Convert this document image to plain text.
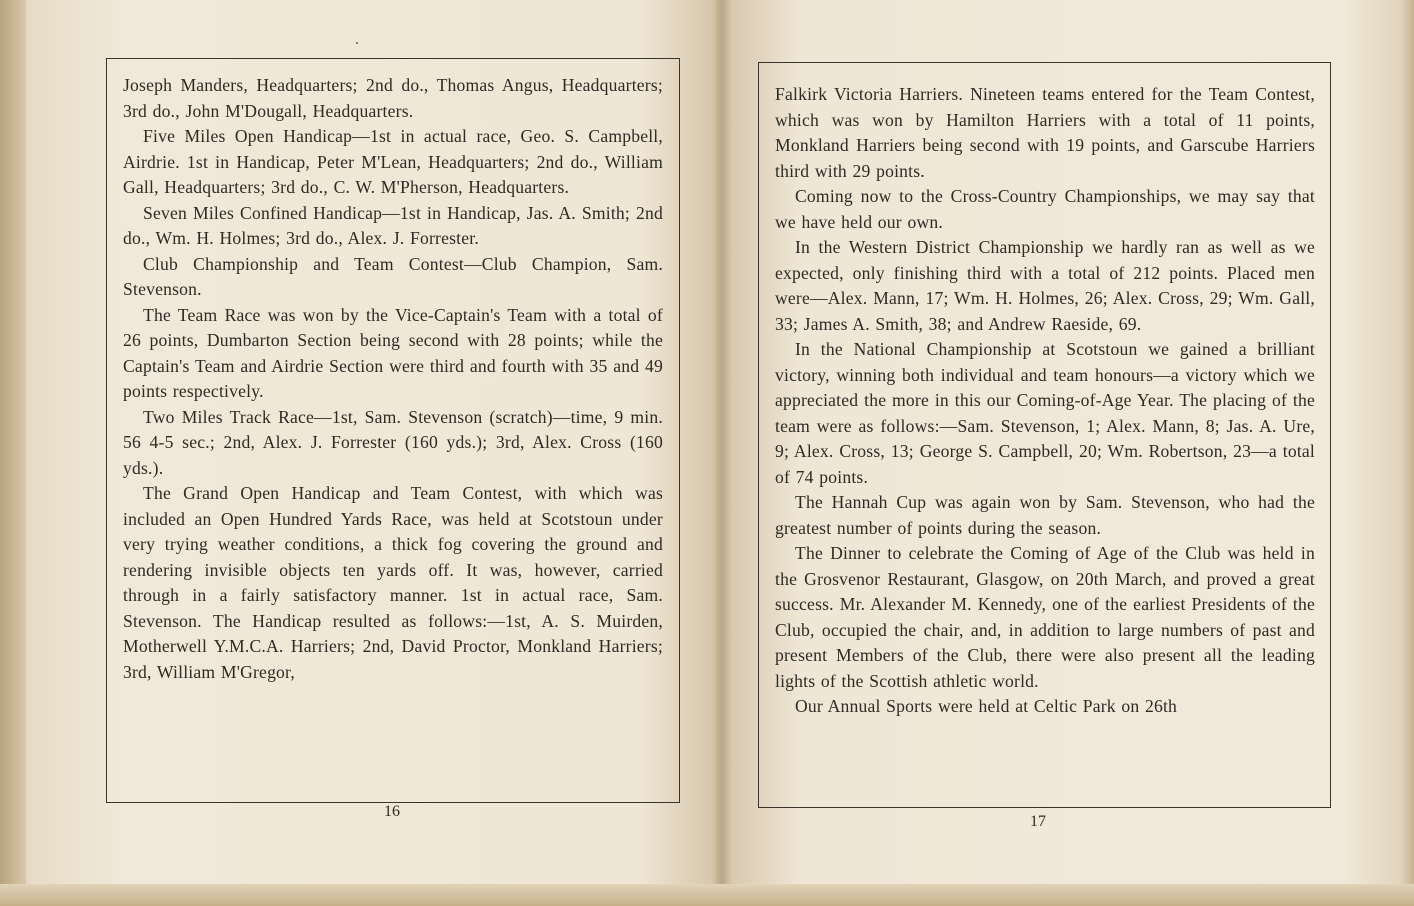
Joseph Manders, Headquarters; 2nd do., Thomas Angus, Headquarters; 3rd do., John M'Dougall, Headquarters.

Five Miles Open Handicap—1st in actual race, Geo. S. Campbell, Airdrie. 1st in Handicap, Peter M'Lean, Headquarters; 2nd do., William Gall, Headquarters; 3rd do., C. W. M'Pherson, Headquarters.

Seven Miles Confined Handicap—1st in Handicap, Jas. A. Smith; 2nd do., Wm. H. Holmes; 3rd do., Alex. J. Forrester.

Club Championship and Team Contest—Club Champion, Sam. Stevenson.

The Team Race was won by the Vice-Captain's Team with a total of 26 points, Dumbarton Section being second with 28 points; while the Captain's Team and Airdrie Section were third and fourth with 35 and 49 points respectively.

Two Miles Track Race—1st, Sam. Stevenson (scratch)—time, 9 min. 56 4-5 sec.; 2nd, Alex. J. Forrester (160 yds.); 3rd, Alex. Cross (160 yds.).

The Grand Open Handicap and Team Contest, with which was included an Open Hundred Yards Race, was held at Scotstoun under very trying weather conditions, a thick fog covering the ground and rendering invisible objects ten yards off. It was, however, carried through in a fairly satisfactory manner. 1st in actual race, Sam. Stevenson. The Handicap resulted as follows:—1st, A. S. Muirden, Motherwell Y.M.C.A. Harriers; 2nd, David Proctor, Monkland Harriers; 3rd, William M'Gregor,

Falkirk Victoria Harriers. Nineteen teams entered for the Team Contest, which was won by Hamilton Harriers with a total of 11 points, Monkland Harriers being second with 19 points, and Garscube Harriers third with 29 points.

Coming now to the Cross-Country Championships, we may say that we have held our own.

In the Western District Championship we hardly ran as well as we expected, only finishing third with a total of 212 points. Placed men were—Alex. Mann, 17; Wm. H. Holmes, 26; Alex. Cross, 29; Wm. Gall, 33; James A. Smith, 38; and Andrew Raeside, 69.

In the National Championship at Scotstoun we gained a brilliant victory, winning both individual and team honours—a victory which we appreciated the more in this our Coming-of-Age Year. The placing of the team were as follows:—Sam. Stevenson, 1; Alex. Mann, 8; Jas. A. Ure, 9; Alex. Cross, 13; George S. Campbell, 20; Wm. Robertson, 23—a total of 74 points.

The Hannah Cup was again won by Sam. Stevenson, who had the greatest number of points during the season.

The Dinner to celebrate the Coming of Age of the Club was held in the Grosvenor Restaurant, Glasgow, on 20th March, and proved a great success. Mr. Alexander M. Kennedy, one of the earliest Presidents of the Club, occupied the chair, and, in addition to large numbers of past and present Members of the Club, there were also present all the leading lights of the Scottish athletic world.

Our Annual Sports were held at Celtic Park on 26th

16
17
